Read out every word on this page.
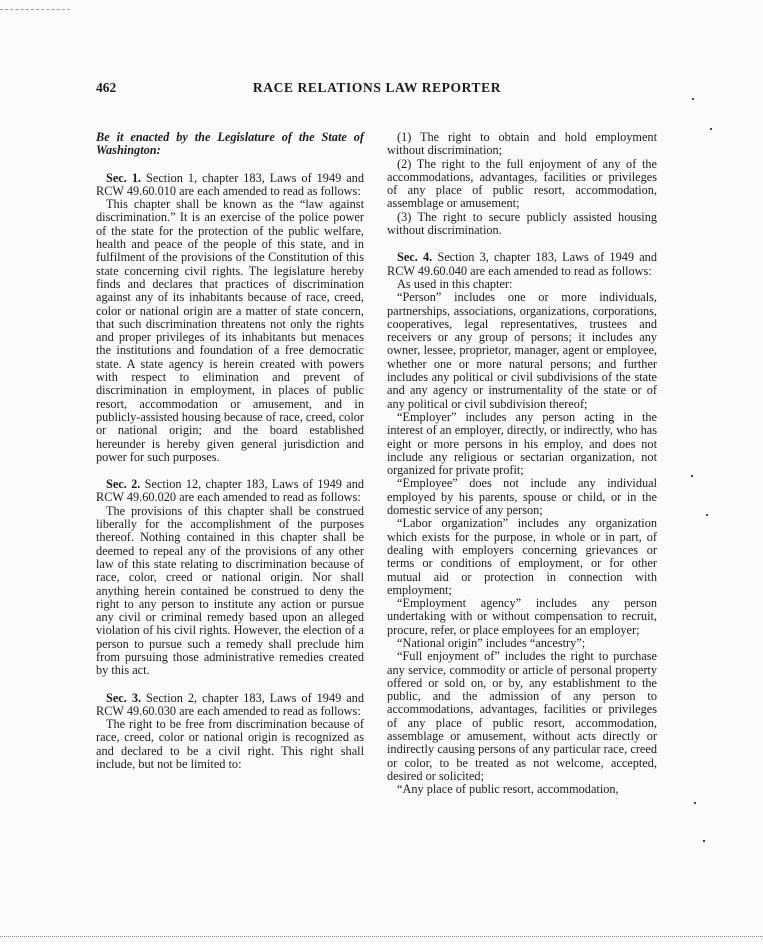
462	RACE RELATIONS LAW REPORTER

Be it enacted by the Legislature of the State of Washington:

Sec. 1. Section 1, chapter 183, Laws of 1949 and RCW 49.60.010 are each amended to read as follows:

This chapter shall be known as the “law against discrimination.” It is an exercise of the police power of the state for the protection of the public welfare, health and peace of the people of this state, and in fulfilment of the provisions of the Constitution of this state concerning civil rights. The legislature hereby finds and declares that practices of discrimination against any of its inhabitants because of race, creed, color or national origin are a matter of state concern, that such discrimination threatens not only the rights and proper privileges of its inhabitants but menaces the institutions and foundation of a free democratic state. A state agency is herein created with powers with respect to elimination and prevent of discrimination in employment, in places of public resort, accommodation or amusement, and in publicly-assisted housing because of race, creed, color or national origin; and the board established hereunder is hereby given general jurisdiction and power for such purposes.

Sec. 2. Section 12, chapter 183, Laws of 1949 and RCW 49.60.020 are each amended to read as follows:

The provisions of this chapter shall be construed liberally for the accomplishment of the purposes thereof. Nothing contained in this chapter shall be deemed to repeal any of the provisions of any other law of this state relating to discrimination because of race, color, creed or national origin. Nor shall anything herein contained be construed to deny the right to any person to institute any action or pursue any civil or criminal remedy based upon an alleged violation of his civil rights. However, the election of a person to pursue such a remedy shall preclude him from pursuing those administrative remedies created by this act.

Sec. 3. Section 2, chapter 183, Laws of 1949 and RCW 49.60.030 are each amended to read as follows:

The right to be free from discrimination because of race, creed, color or national origin is recognized as and declared to be a civil right. This right shall include, but not be limited to:

(1) The right to obtain and hold employment without discrimination;

(2) The right to the full enjoyment of any of the accommodations, advantages, facilities or privileges of any place of public resort, accommodation, assemblage or amusement;

(3) The right to secure publicly assisted housing without discrimination.

Sec. 4. Section 3, chapter 183, Laws of 1949 and RCW 49.60.040 are each amended to read as follows:

As used in this chapter:

“Person” includes one or more individuals, partnerships, associations, organizations, corporations, cooperatives, legal representatives, trustees and receivers or any group of persons; it includes any owner, lessee, proprietor, manager, agent or employee, whether one or more natural persons; and further includes any political or civil subdivisions of the state and any agency or instrumentality of the state or of any political or civil subdivision thereof;

“Employer” includes any person acting in the interest of an employer, directly, or indirectly, who has eight or more persons in his employ, and does not include any religious or sectarian organization, not organized for private profit;

“Employee” does not include any individual employed by his parents, spouse or child, or in the domestic service of any person;

“Labor organization” includes any organization which exists for the purpose, in whole or in part, of dealing with employers concerning grievances or terms or conditions of employment, or for other mutual aid or protection in connection with employment;

“Employment agency” includes any person undertaking with or without compensation to recruit, procure, refer, or place employees for an employer;

“National origin” includes “ancestry”;

“Full enjoyment of” includes the right to purchase any service, commodity or article of personal property offered or sold on, or by, any establishment to the public, and the admission of any person to accommodations, advantages, facilities or privileges of any place of public resort, accommodation, assemblage or amusement, without acts directly or indirectly causing persons of any particular race, creed or color, to be treated as not welcome, accepted, desired or solicited;

“Any place of public resort, accommodation,
